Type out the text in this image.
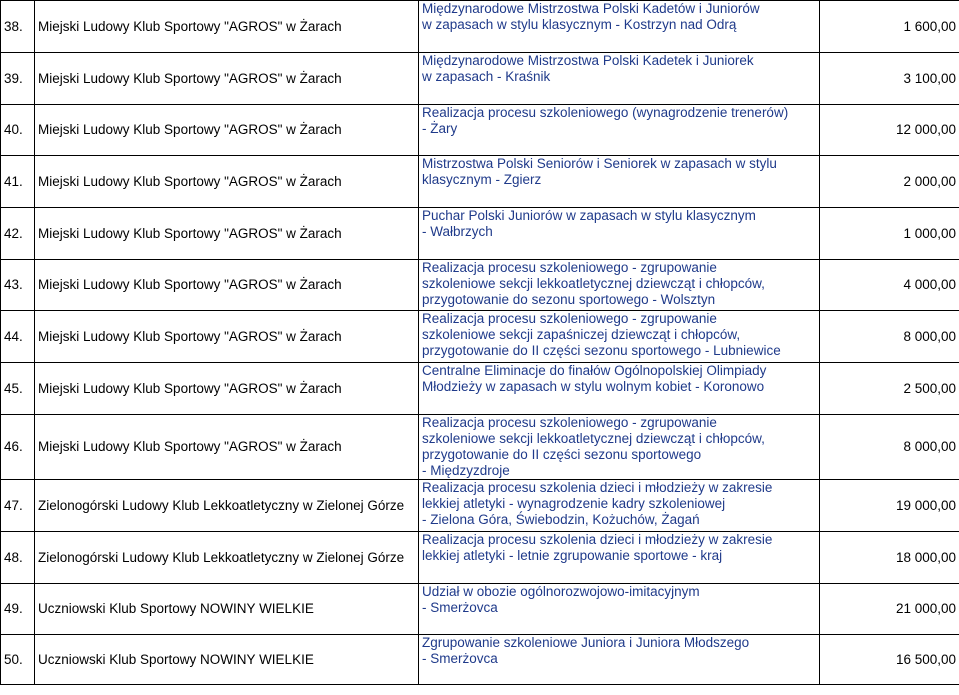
38.	Miejski Ludowy Klub Sportowy "AGROS" w Żarach	Międzynarodowe Mistrzostwa Polski Kadetów i Juniorów
w zapasach w stylu klasycznym - Kostrzyn nad Odrą	1 600,00
39.	Miejski Ludowy Klub Sportowy "AGROS" w Żarach	Międzynarodowe Mistrzostwa Polski Kadetek i Juniorek
w zapasach - Kraśnik	3 100,00
40.	Miejski Ludowy Klub Sportowy "AGROS" w Żarach	Realizacja procesu szkoleniowego (wynagrodzenie trenerów)
- Żary	12 000,00
41.	Miejski Ludowy Klub Sportowy "AGROS" w Żarach	Mistrzostwa Polski Seniorów i Seniorek w zapasach w stylu
klasycznym - Zgierz	2 000,00
42.	Miejski Ludowy Klub Sportowy "AGROS" w Żarach	Puchar Polski Juniorów w zapasach w stylu klasycznym
- Wałbrzych	1 000,00
43.	Miejski Ludowy Klub Sportowy "AGROS" w Żarach	Realizacja procesu szkoleniowego - zgrupowanie
szkoleniowe sekcji lekkoatletycznej dziewcząt i chłopców,
przygotowanie do sezonu sportowego - Wolsztyn	4 000,00
44.	Miejski Ludowy Klub Sportowy "AGROS" w Żarach	Realizacja procesu szkoleniowego - zgrupowanie
szkoleniowe sekcji zapaśniczej dziewcząt i chłopców,
przygotowanie do II części sezonu sportowego - Lubniewice	8 000,00
45.	Miejski Ludowy Klub Sportowy "AGROS" w Żarach	Centralne Eliminacje do finałów Ogólnopolskiej Olimpiady
Młodzieży w zapasach w stylu wolnym kobiet - Koronowo	2 500,00
46.	Miejski Ludowy Klub Sportowy "AGROS" w Żarach	Realizacja procesu szkoleniowego - zgrupowanie
szkoleniowe sekcji lekkoatletycznej dziewcząt i chłopców,
przygotowanie do II części sezonu sportowego
- Międzyzdroje	8 000,00
47.	Zielonogórski Ludowy Klub Lekkoatletyczny w Zielonej Górze	Realizacja procesu szkolenia dzieci i młodzieży w zakresie
lekkiej atletyki - wynagrodzenie kadry szkoleniowej
- Zielona Góra, Świebodzin, Kożuchów, Żagań	19 000,00
48.	Zielonogórski Ludowy Klub Lekkoatletyczny w Zielonej Górze	Realizacja procesu szkolenia dzieci i młodzieży w zakresie
lekkiej atletyki - letnie zgrupowanie sportowe - kraj	18 000,00
49.	Uczniowski Klub Sportowy NOWINY WIELKIE	Udział w obozie ogólnorozwojowo-imitacyjnym
- Smerżovca	21 000,00
50.	Uczniowski Klub Sportowy NOWINY WIELKIE	Zgrupowanie szkoleniowe Juniora i Juniora Młodszego
- Smerżovca	16 500,00
